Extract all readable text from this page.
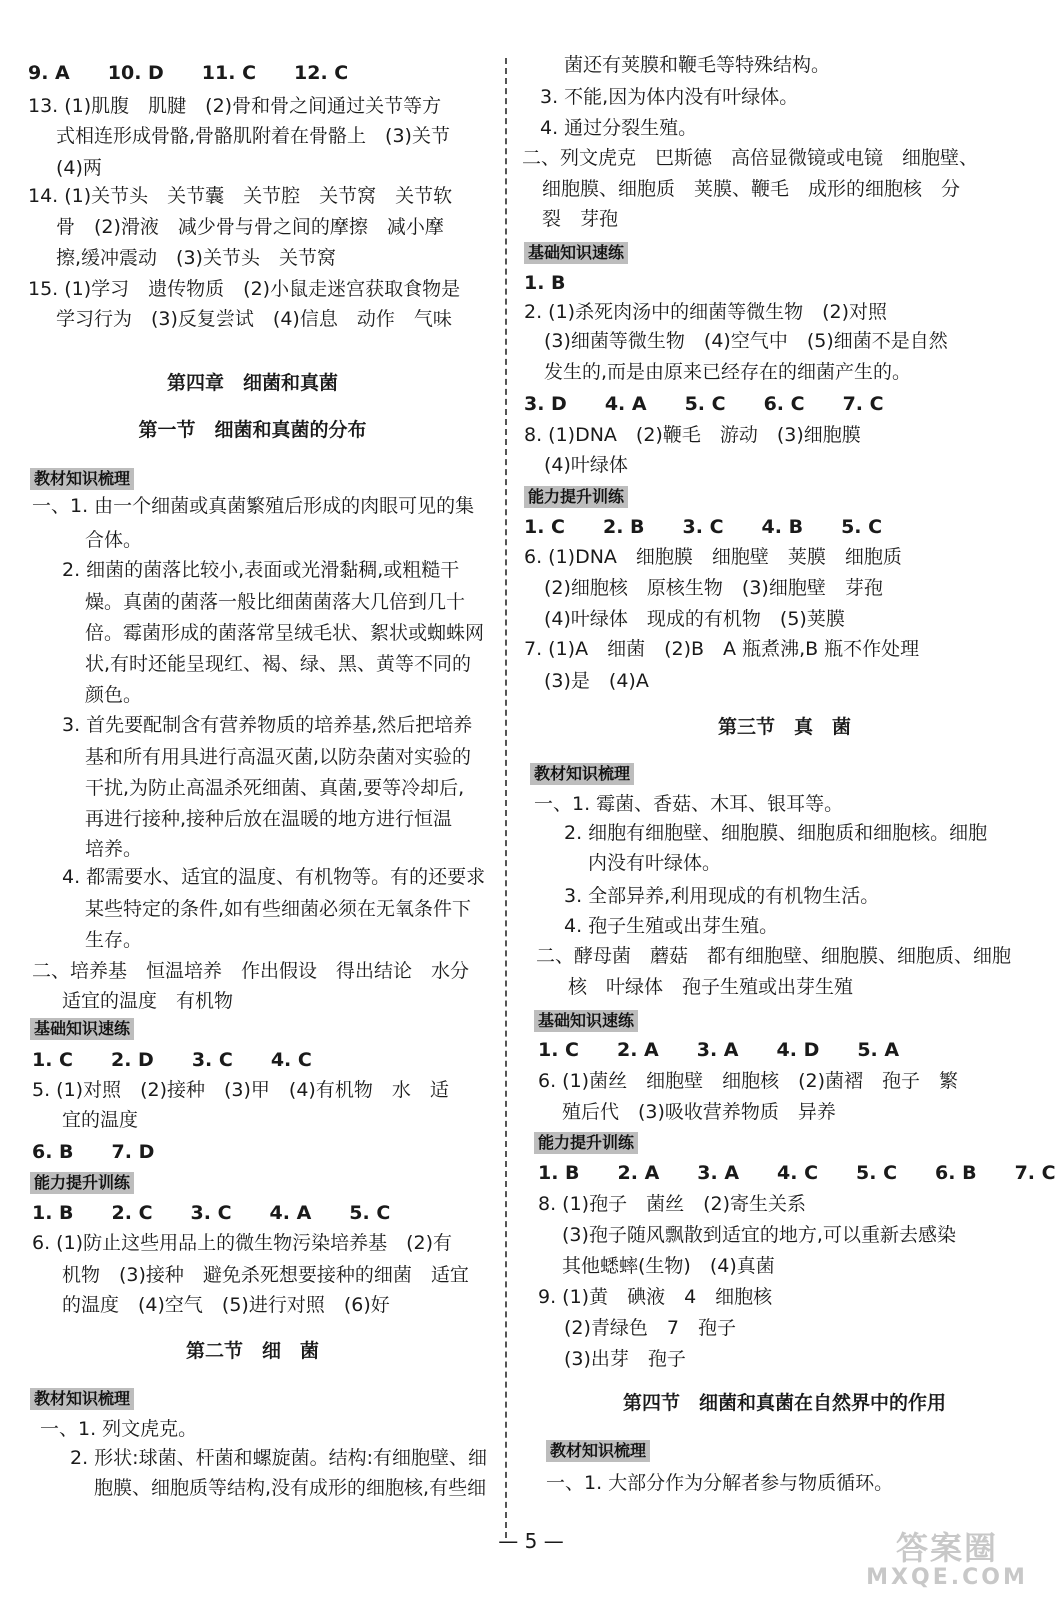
9. A　　10. D　　11. C　　12. C
13. (1)肌腹　肌腱　(2)骨和骨之间通过关节等方
式相连形成骨骼,骨骼肌附着在骨骼上　(3)关节
(4)两
14. (1)关节头　关节囊　关节腔　关节窝　关节软
骨　(2)滑液　减少骨与骨之间的摩擦　减小摩
擦,缓冲震动　(3)关节头　关节窝
15. (1)学习　遗传物质　(2)小鼠走迷宫获取食物是
学习行为　(3)反复尝试　(4)信息　动作　气味
第四章　细菌和真菌
第一节　细菌和真菌的分布
教材知识梳理
一、1. 由一个细菌或真菌繁殖后形成的肉眼可见的集
合体。
2. 细菌的菌落比较小,表面或光滑黏稠,或粗糙干
燥。真菌的菌落一般比细菌菌落大几倍到几十
倍。霉菌形成的菌落常呈绒毛状、絮状或蜘蛛网
状,有时还能呈现红、褐、绿、黑、黄等不同的
颜色。
3. 首先要配制含有营养物质的培养基,然后把培养
基和所有用具进行高温灭菌,以防杂菌对实验的
干扰,为防止高温杀死细菌、真菌,要等冷却后,
再进行接种,接种后放在温暖的地方进行恒温
培养。
4. 都需要水、适宜的温度、有机物等。有的还要求
某些特定的条件,如有些细菌必须在无氧条件下
生存。
二、培养基　恒温培养　作出假设　得出结论　水分
适宜的温度　有机物
基础知识速练
1. C　　2. D　　3. C　　4. C
5. (1)对照　(2)接种　(3)甲　(4)有机物　水　适
宜的温度
6. B　　7. D
能力提升训练
1. B　　2. C　　3. C　　4. A　　5. C
6. (1)防止这些用品上的微生物污染培养基　(2)有
机物　(3)接种　避免杀死想要接种的细菌　适宜
的温度　(4)空气　(5)进行对照　(6)好
第二节　细　菌
教材知识梳理
一、1. 列文虎克。
2. 形状:球菌、杆菌和螺旋菌。结构:有细胞壁、细
胞膜、细胞质等结构,没有成形的细胞核,有些细
菌还有荚膜和鞭毛等特殊结构。
3. 不能,因为体内没有叶绿体。
4. 通过分裂生殖。
二、列文虎克　巴斯德　高倍显微镜或电镜　细胞壁、
细胞膜、细胞质　荚膜、鞭毛　成形的细胞核　分
裂　芽孢
基础知识速练
1. B
2. (1)杀死肉汤中的细菌等微生物　(2)对照
(3)细菌等微生物　(4)空气中　(5)细菌不是自然
发生的,而是由原来已经存在的细菌产生的。
3. D　　4. A　　5. C　　6. C　　7. C
8. (1)DNA　(2)鞭毛　游动　(3)细胞膜
(4)叶绿体
能力提升训练
1. C　　2. B　　3. C　　4. B　　5. C
6. (1)DNA　细胞膜　细胞壁　荚膜　细胞质
(2)细胞核　原核生物　(3)细胞壁　芽孢
(4)叶绿体　现成的有机物　(5)荚膜
7. (1)A　细菌　(2)B　A 瓶煮沸,B 瓶不作处理
(3)是　(4)A
第三节　真　菌
教材知识梳理
一、1. 霉菌、香菇、木耳、银耳等。
2. 细胞有细胞壁、细胞膜、细胞质和细胞核。细胞
内没有叶绿体。
3. 全部异养,利用现成的有机物生活。
4. 孢子生殖或出芽生殖。
二、酵母菌　蘑菇　都有细胞壁、细胞膜、细胞质、细胞
核　叶绿体　孢子生殖或出芽生殖
基础知识速练
1. C　　2. A　　3. A　　4. D　　5. A
6. (1)菌丝　细胞壁　细胞核　(2)菌褶　孢子　繁
殖后代　(3)吸收营养物质　异养
能力提升训练
1. B　　2. A　　3. A　　4. C　　5. C　　6. B　　7. C
8. (1)孢子　菌丝　(2)寄生关系
(3)孢子随风飘散到适宜的地方,可以重新去感染
其他蟋蟀(生物)　(4)真菌
9. (1)黄　碘液　4　细胞核
(2)青绿色　7　孢子
(3)出芽　孢子
第四节　细菌和真菌在自然界中的作用
教材知识梳理
一、1. 大部分作为分解者参与物质循环。
— 5 —	答案圈
MXQE.COM
